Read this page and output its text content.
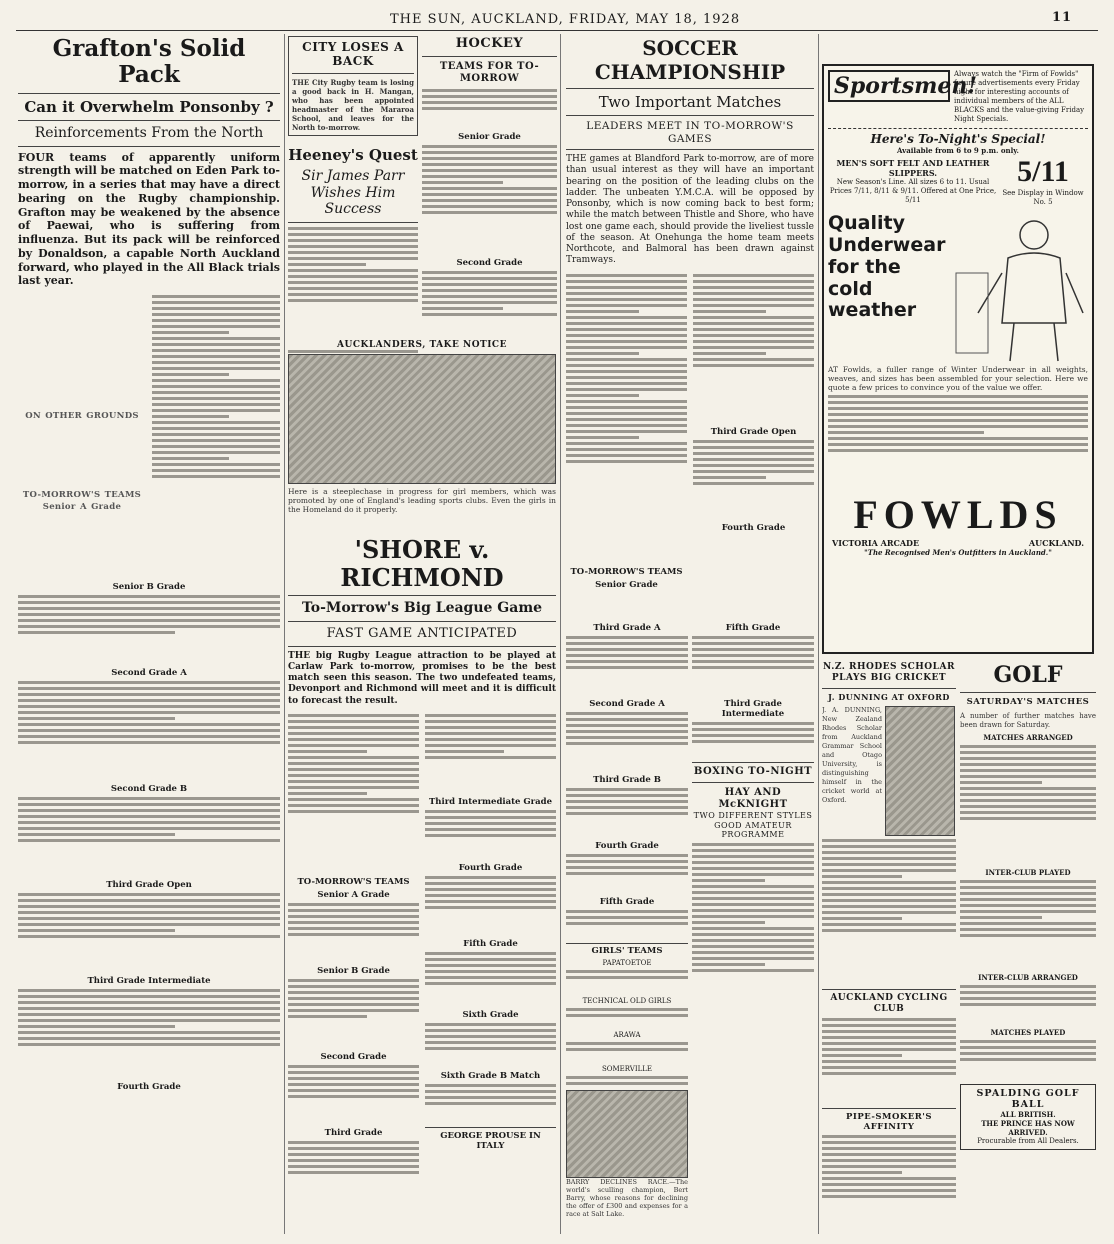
THE SUN, AUCKLAND, FRIDAY, MAY 18, 1928	11
Grafton's Solid Pack
Can it Overwhelm Ponsonby ?
Reinforcements From the North
FOUR teams of apparently uniform strength will be matched on Eden Park to-morrow, in a series that may have a direct bearing on the Rugby championship. Grafton may be weakened by the absence of Paewai, who is suffering from influenza. But its pack will be reinforced by Donaldson, a capable North Auckland forward, who played in the All Black trials last year.
ON OTHER GROUNDS
TO-MORROW'S TEAMS
Senior A Grade
Senior B Grade
Second Grade A
Second Grade B
Third Grade Open
Third Grade Intermediate
Fourth Grade
CITY LOSES A BACK
THE City Rugby team is losing a good back in H. Mangan, who has been appointed headmaster of the Mararoa School, and leaves for the North to-morrow.
Heeney's Quest
Sir James Parr Wishes Him Success
HOCKEY
TEAMS FOR TO-MORROW
Senior Grade
Second Grade
AUCKLANDERS, TAKE NOTICE
Here is a steeplechase in progress for girl members, which was promoted by one of England's leading sports clubs. Even the girls in the Homeland do it properly.
'SHORE v. RICHMOND
To-Morrow's Big League Game
FAST GAME ANTICIPATED
THE big Rugby League attraction to be played at Carlaw Park to-morrow, promises to be the best match seen this season. The two undefeated teams, Devonport and Richmond will meet and it is difficult to forecast the result.
TO-MORROW'S TEAMS
Senior A Grade
Senior B Grade
Second Grade
Third Grade
Third Intermediate Grade
Fourth Grade
Fifth Grade
Sixth Grade
Sixth Grade B Match
GEORGE PROUSE IN ITALY
SOCCER CHAMPIONSHIP
Two Important Matches
LEADERS MEET IN TO-MORROW'S GAMES
THE games at Blandford Park to-morrow, are of more than usual interest as they will have an important bearing on the position of the leading clubs on the ladder. The unbeaten Y.M.C.A. will be opposed by Ponsonby, which is now coming back to best form; while the match between Thistle and Shore, who have lost one game each, should provide the liveliest tussle of the season. At Onehunga the home team meets Northcote, and Balmoral has been drawn against Tramways.
TO-MORROW'S TEAMS
Senior Grade
Third Grade Open
Fourth Grade
Third Grade A
Second Grade A
Third Grade B
Fourth Grade
Fifth Grade
GIRLS' TEAMS
PAPATOETOE
TECHNICAL OLD GIRLS
ARAWA
SOMERVILLE
Fifth Grade
Third Grade Intermediate
BOXING TO-NIGHT
HAY AND McKNIGHT
TWO DIFFERENT STYLES
GOOD AMATEUR PROGRAMME
BARRY DECLINES RACE.—The world's sculling champion, Bert Barry, whose reasons for declining the offer of £300 and expenses for a race at Salt Lake.
Sportsmen!
Always watch the "Firm of Fowlds" future advertisements every Friday night for interesting accounts of individual members of the ALL BLACKS and the value-giving Friday Night Specials.
Here's To-Night's Special!
Available from 6 to 9 p.m. only.
MEN'S SOFT FELT AND LEATHER SLIPPERS.
New Season's Line. All sizes 6 to 11. Usual Prices 7/11, 8/11 & 9/11. Offered at One Price, 5/11
5/11
See Display in Window No. 5
Quality Underwear for the cold weather
AT Fowlds, a fuller range of Winter Underwear in all weights, weaves, and sizes has been assembled for your selection. Here we quote a few prices to convince you of the value we offer.
FOWLDS
VICTORIA ARCADE	AUCKLAND.
"The Recognised Men's Outfitters in Auckland."
N.Z. RHODES SCHOLAR PLAYS BIG CRICKET
J. DUNNING AT OXFORD
J. A. DUNNING, New Zealand Rhodes Scholar from Auckland Grammar School and Otago University, is distinguishing himself in the cricket world at Oxford.
AUCKLAND CYCLING CLUB
PIPE-SMOKER'S AFFINITY
GOLF
SATURDAY'S MATCHES
A number of further matches have been drawn for Saturday.
MATCHES ARRANGED
INTER-CLUB PLAYED
INTER-CLUB ARRANGED
MATCHES PLAYED
SPALDING GOLF BALL
ALL BRITISH.
THE PRINCE HAS NOW ARRIVED.
Procurable from All Dealers.
